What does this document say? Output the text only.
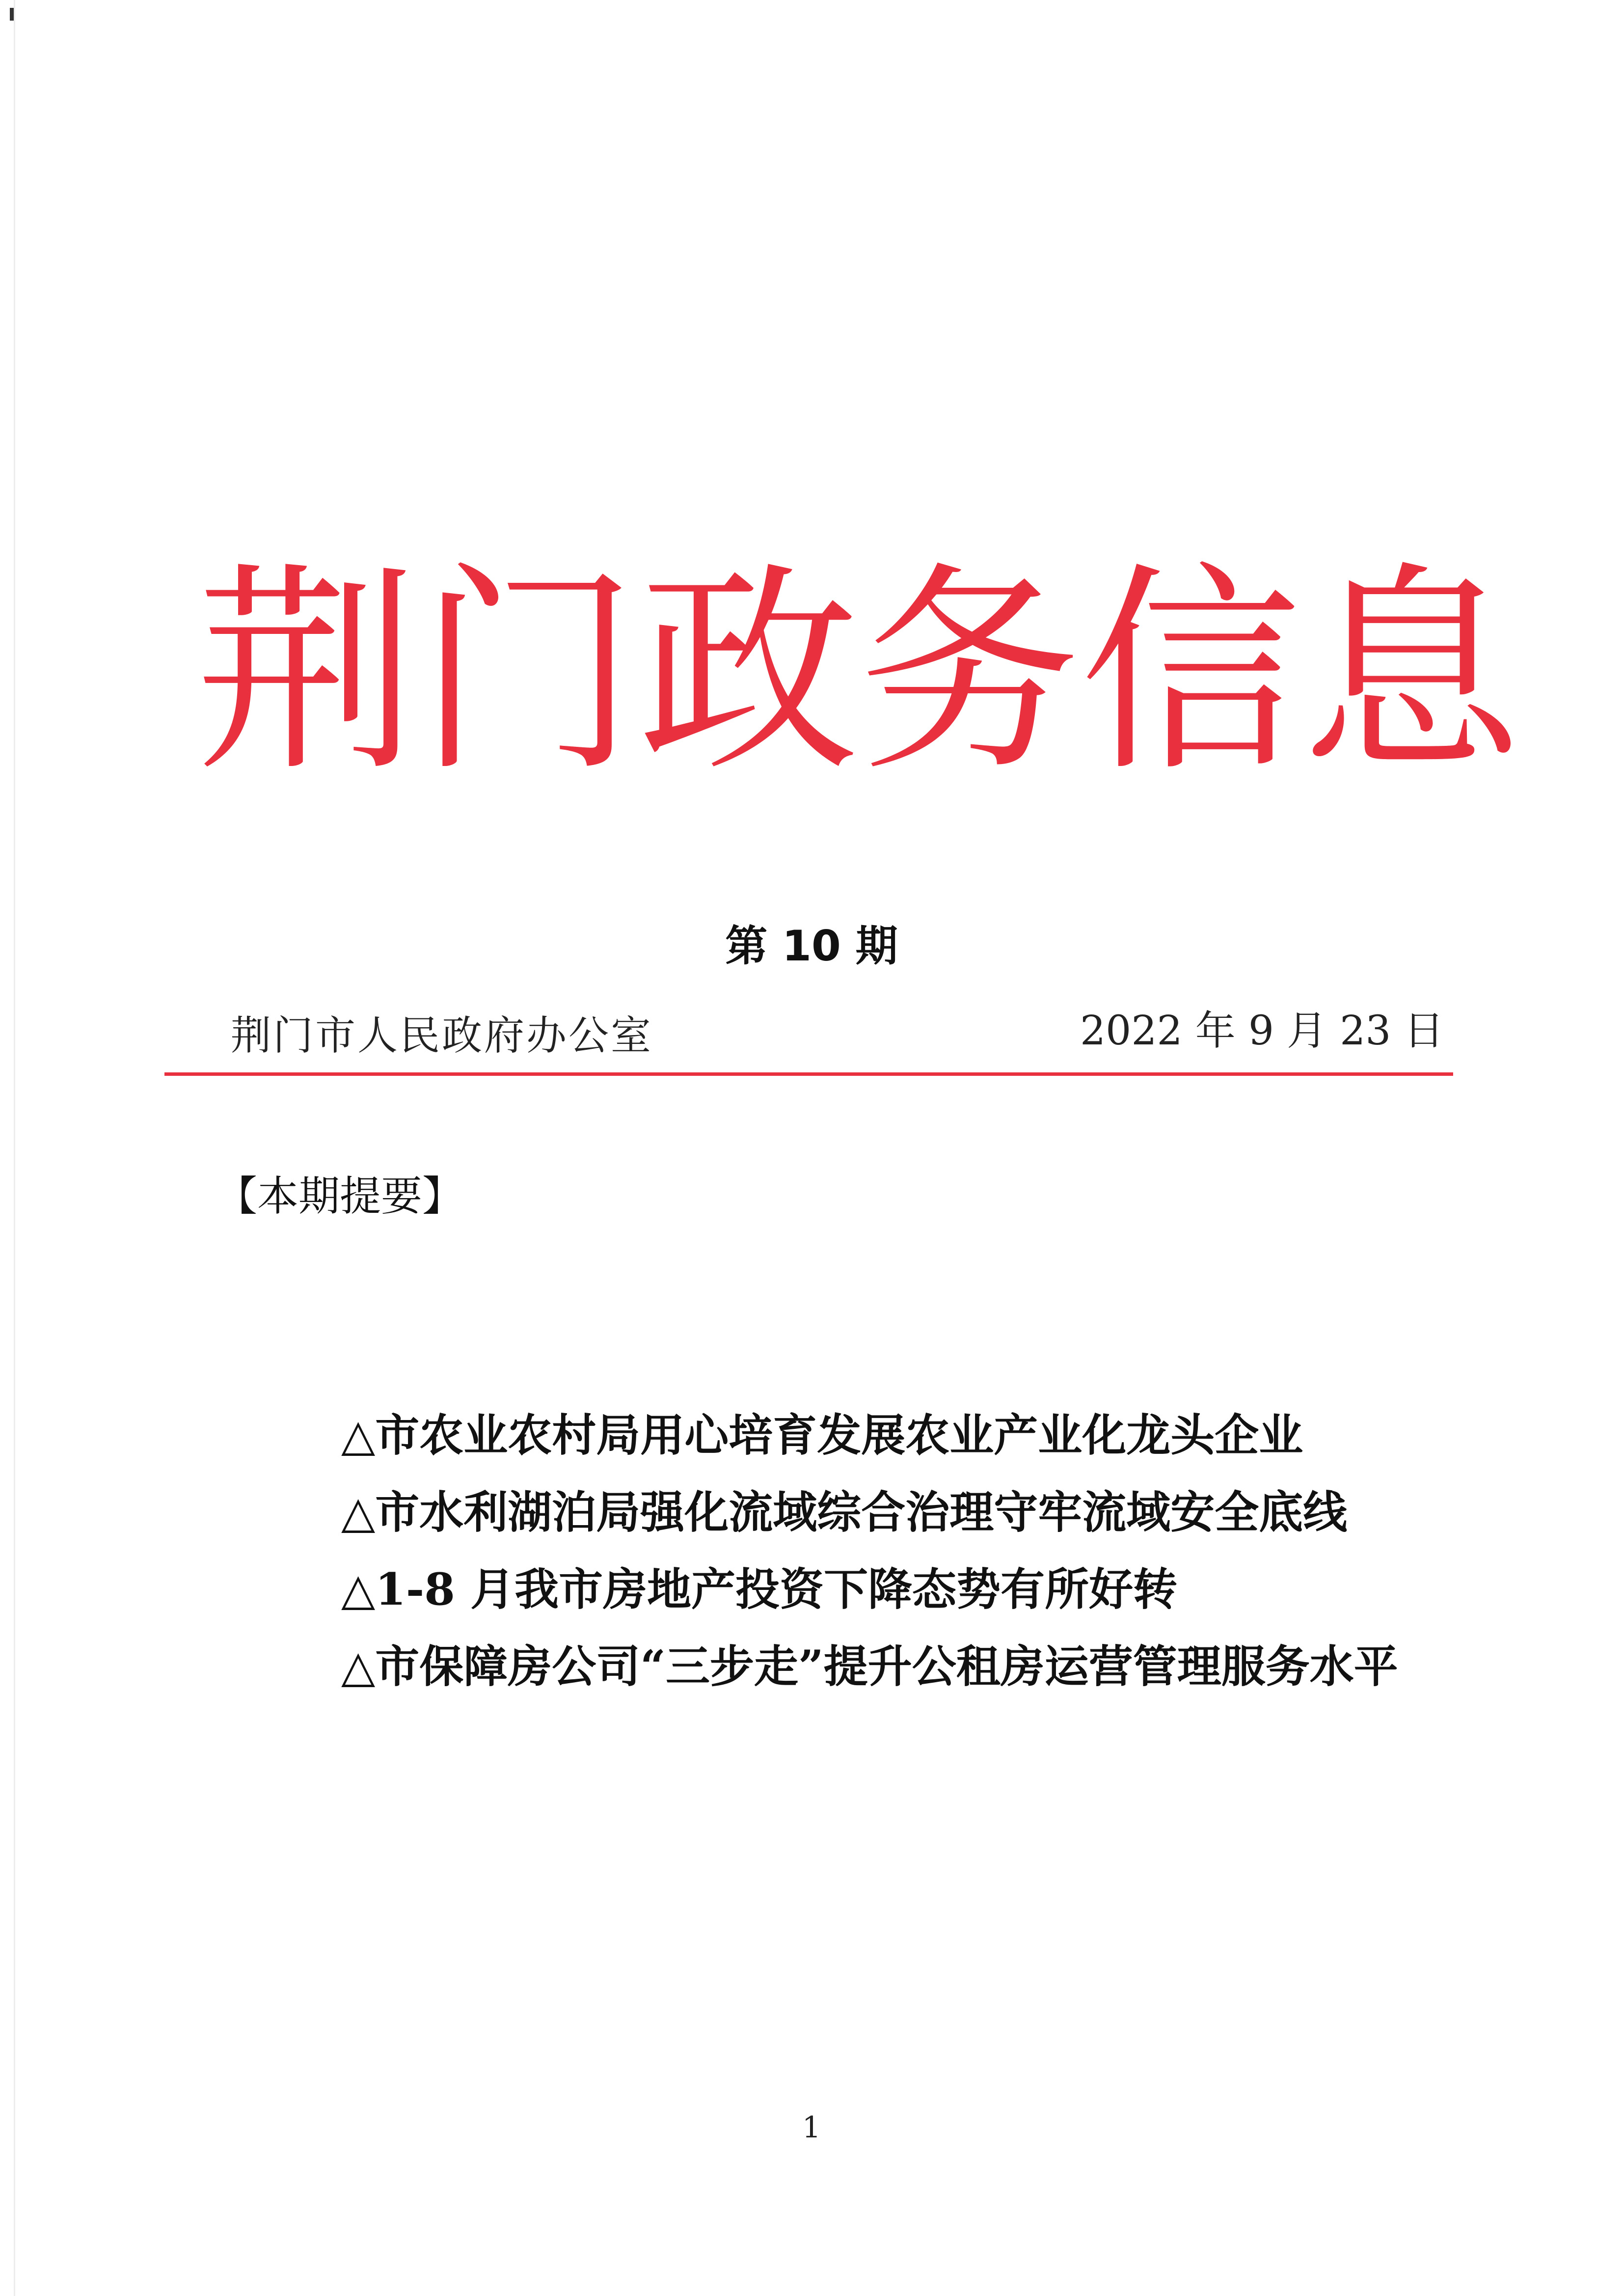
荆 门 政 务 信 息
第 10 期
荆门市人民政府办公室	2022 年 9 月 23 日
【本期提要】
△市农业农村局用心培育发展农业产业化龙头企业
△市水利湖泊局强化流域综合治理守牢流域安全底线
△1-8 月我市房地产投资下降态势有所好转
△市保障房公司“三步走”提升公租房运营管理服务水平
1
